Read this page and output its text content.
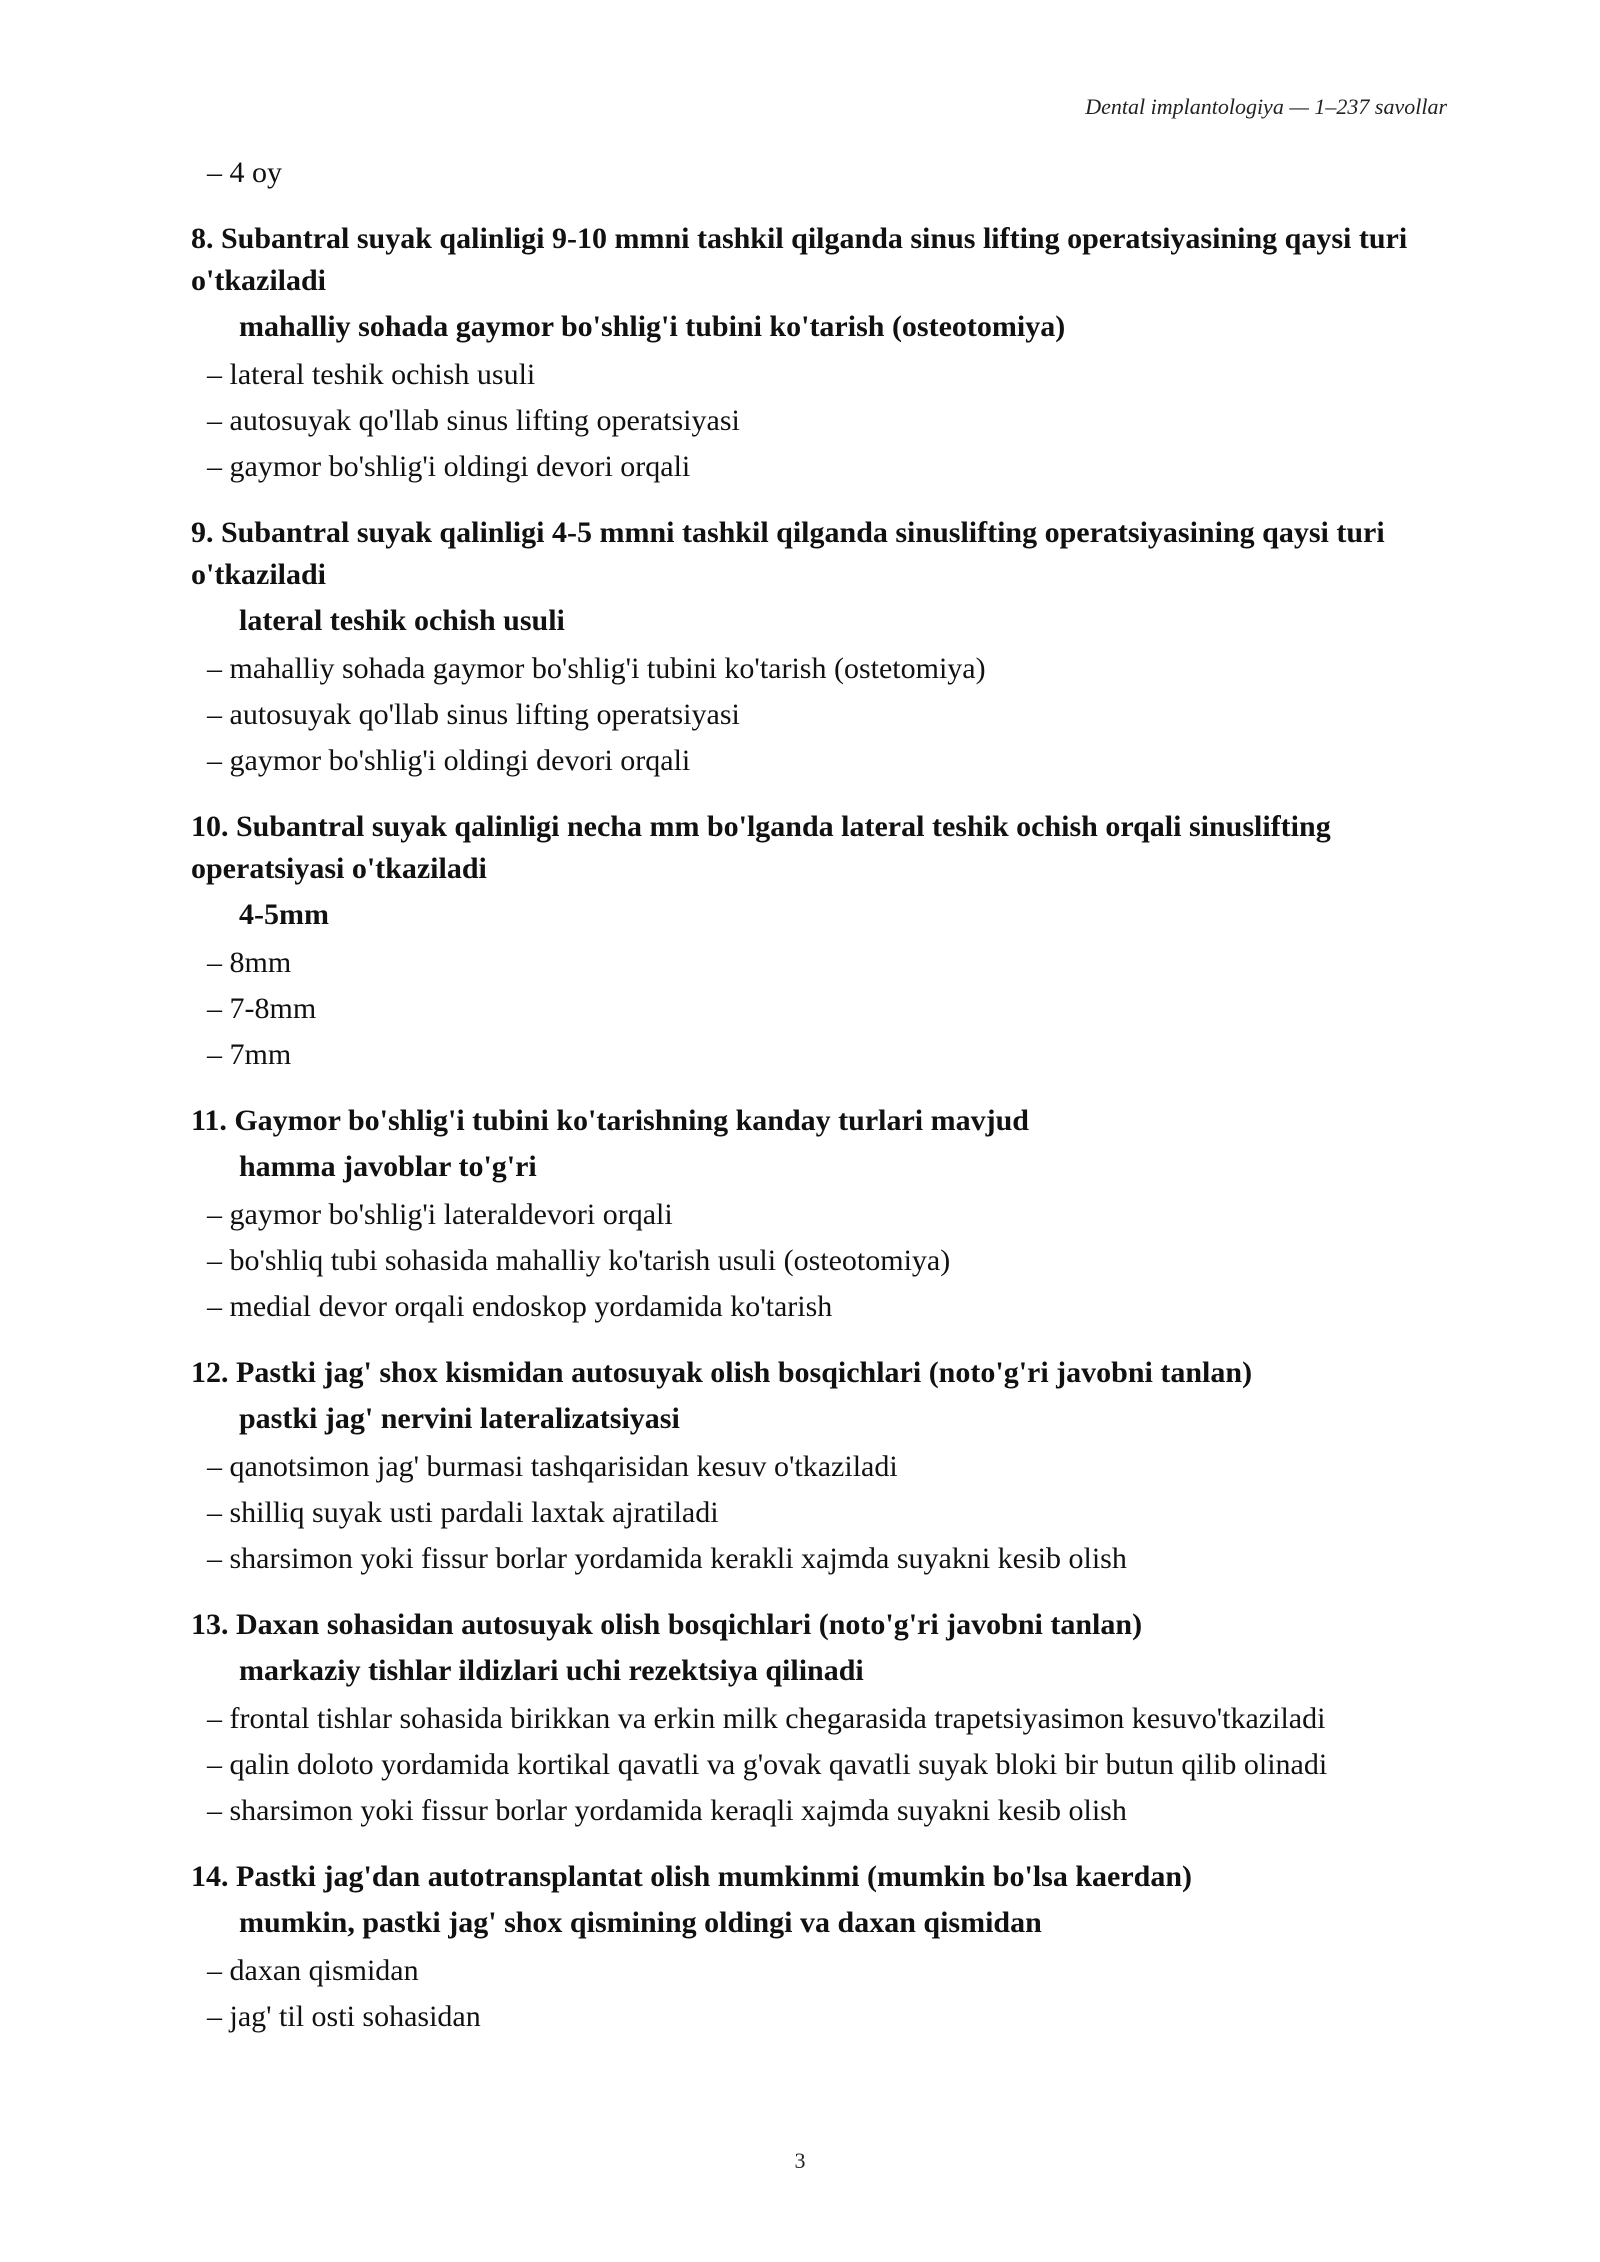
Dental implantologiya — 1–237 savollar
– 4 oy
8. Subantral suyak qalinligi 9-10 mmni tashkil qilganda sinus lifting operatsiyasining qaysi turi o'tkaziladi
mahalliy sohada gaymor bo'shlig'i tubini ko'tarish (osteotomiya)
– lateral teshik ochish usuli
– autosuyak qo'llab sinus lifting operatsiyasi
– gaymor bo'shlig'i oldingi devori orqali
9. Subantral suyak qalinligi 4-5 mmni tashkil qilganda sinuslifting operatsiyasining qaysi turi o'tkaziladi
lateral teshik ochish usuli
– mahalliy sohada gaymor bo'shlig'i tubini ko'tarish (ostetomiya)
– autosuyak qo'llab sinus lifting operatsiyasi
– gaymor bo'shlig'i oldingi devori orqali
10. Subantral suyak qalinligi necha mm bo'lganda lateral teshik ochish orqali sinuslifting operatsiyasi o'tkaziladi
4-5mm
– 8mm
– 7-8mm
– 7mm
11. Gaymor bo'shlig'i tubini ko'tarishning kanday turlari mavjud
hamma javoblar to'g'ri
– gaymor bo'shlig'i lateraldevori orqali
– bo'shliq tubi sohasida mahalliy ko'tarish usuli (osteotomiya)
– medial devor orqali endoskop yordamida ko'tarish
12. Pastki jag' shox kismidan autosuyak olish bosqichlari (noto'g'ri javobni tanlan)
pastki jag' nervini lateralizatsiyasi
– qanotsimon jag' burmasi tashqarisidan kesuv o'tkaziladi
– shilliq suyak usti pardali laxtak ajratiladi
– sharsimon yoki fissur borlar yordamida kerakli xajmda suyakni kesib olish
13. Daxan sohasidan autosuyak olish bosqichlari (noto'g'ri javobni tanlan)
markaziy tishlar ildizlari uchi rezektsiya qilinadi
– frontal tishlar sohasida birikkan va erkin milk chegarasida trapetsiyasimon kesuvo'tkaziladi
– qalin doloto yordamida kortikal qavatli va g'ovak qavatli suyak bloki bir butun qilib olinadi
– sharsimon yoki fissur borlar yordamida keraqli xajmda suyakni kesib olish
14. Pastki jag'dan autotransplantat olish mumkinmi (mumkin bo'lsa kaerdan)
mumkin, pastki jag' shox qismining oldingi va daxan qismidan
– daxan qismidan
– jag' til osti sohasidan
3
